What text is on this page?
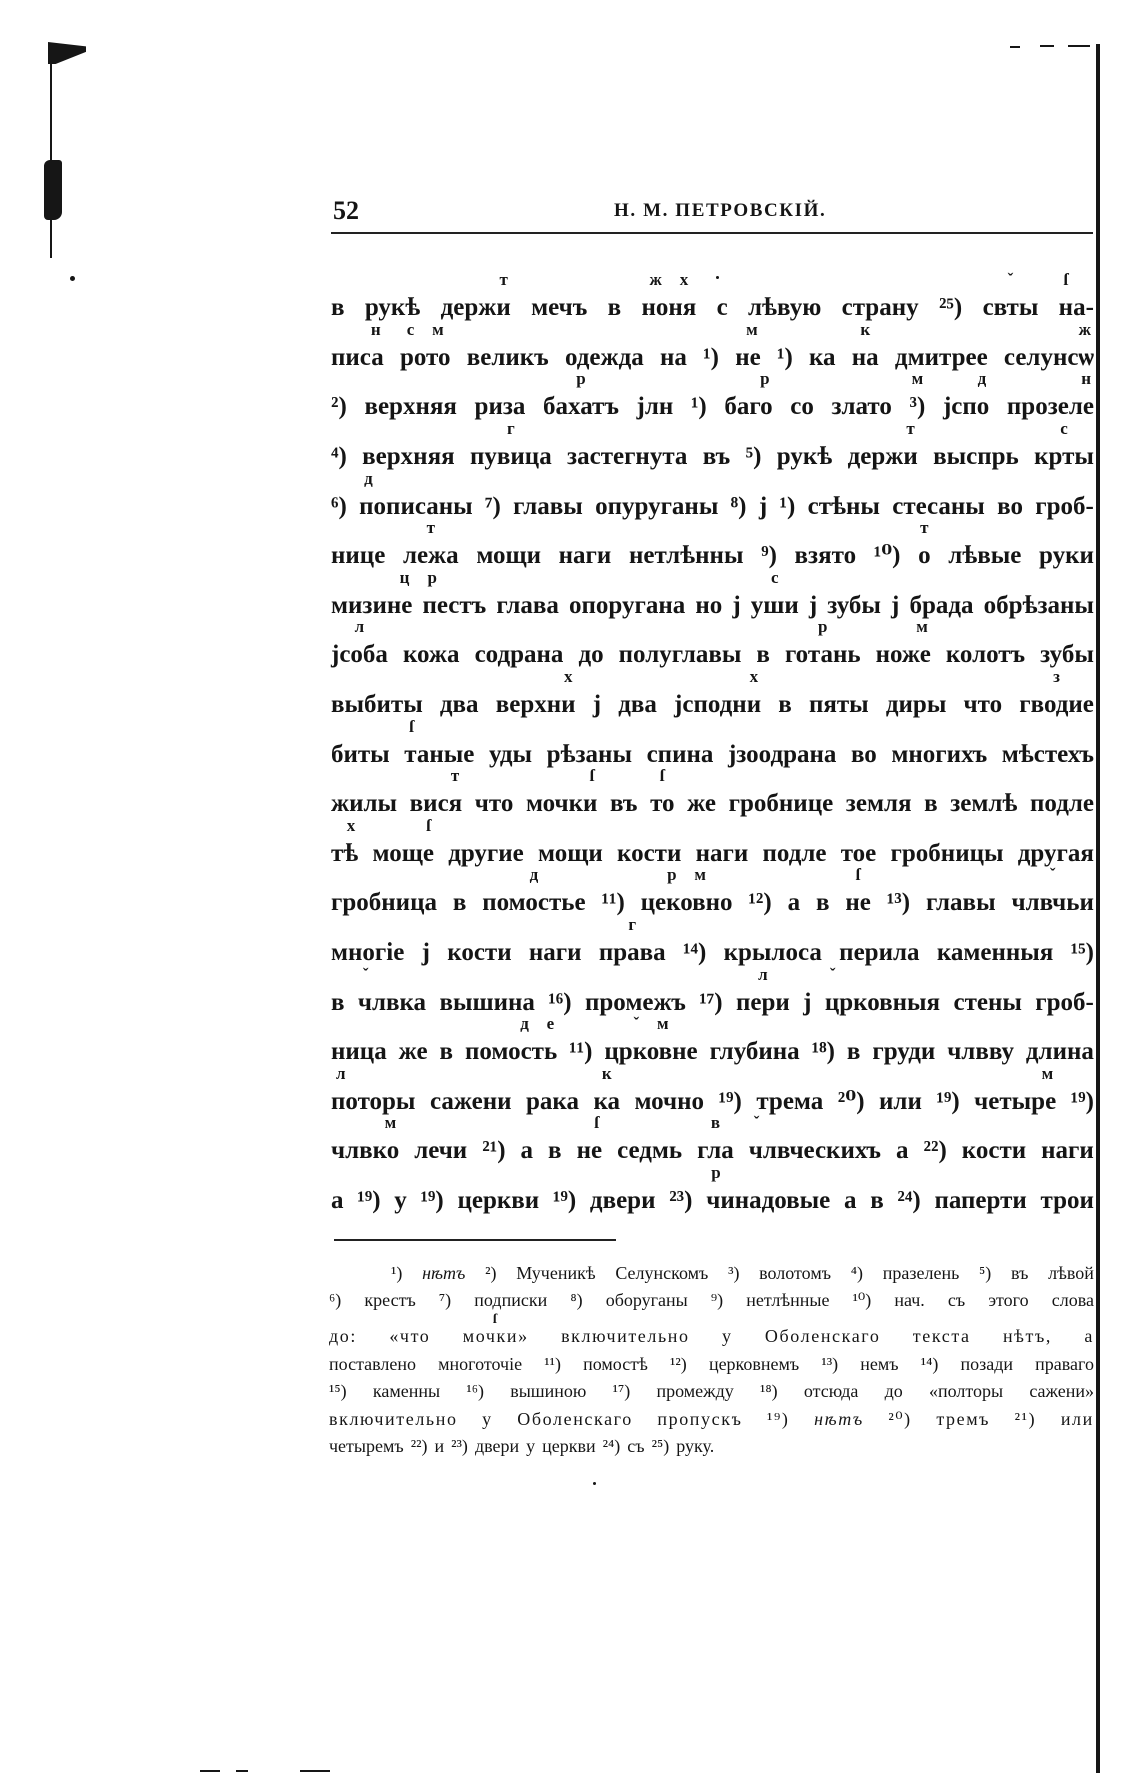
52	Н. М. ПЕТРОВСКІЙ.
в рукѣ держи
т
мечъ в ноня
ж х
с лѣвую страну ²⁵) свты
ˇ
на-
ſ
писа
н
рото
с м
великъ одежда на ¹) не
м
¹) ка на
к
дмитрее селунсѡ
ж
²) верхняя риза бахатъ
р
јлн ¹) баго
р
со злато ³)
м
јспо
д
прозеле
н
⁴) верхняя пувица
г
застегнута въ ⁵) рукѣ держи
т
выспрь крты
с
⁶) пописаны
д
⁷) главы опуруганы ⁸) ј ¹) стѣны стесаны во гроб-
нице лежа
т
мощи наги нетлѣнны ⁹) взято ¹⁰) о
т
лѣвые руки
мизине
ц
пестъ
р
глава опоругана но ј уши
с
ј зубы ј брада обрѣзаны
јсоба
л
кожа содрана до полуглавы в готань
р
ноже
м
колотъ зубы
выбиты два верхни
х
ј два јсподни
х
в пяты диры что гводие
з
биты таные
ſ
уды рѣзаны спина јзоодрана во многихъ мѣстехъ
жилы вися
т
что мочки
ſ
въ то
ſ
же гробнице земля в землѣ подле
тѣ
х
моще
ſ
другие мощи кости наги подле тое гробницы другая
гробница в помостье
д
¹¹) цековно
р м
¹²) а в не
ſ
¹³) главы члвчьи
ˇ
многіе ј кости наги права
г
¹⁴) крылоса перила каменныя ¹⁵)
в члвка
ˇ
вышина ¹⁶) промежъ ¹⁷) пери
л
ј црковныя
ˇ
стены гроб-
ница же в помость
д е
¹¹) црковне
ˇ м
глубина ¹⁸) в груди члвву длина
поторы
л
сажени рака ка
к
мочно ¹⁹) трема ²⁰) или ¹⁹) четыре
м
¹⁹)
члвко
м
лечи ²¹) а в не
ſ
седмь гла
в
члвческихъ
ˇ
а ²²) кости наги
а ¹⁹) у ¹⁹) церкви ¹⁹) двери ²³) чинадовые
р
а в ²⁴) паперти трои
¹) нѣтъ ²) Мученикѣ Селунскомъ ³) волотомъ ⁴) празелень ⁵) въ лѣвой
⁶) крестъ ⁷) подписки ⁸) оборуганы ⁹) нетлѣнные ¹⁰) нач. съ этого слова
до: «что мочки»
ſ
включительно у Оболенскаго текста нѣтъ, а
поставлено многоточіе ¹¹) помостѣ ¹²) церковнемъ ¹³) немъ ¹⁴) позади праваго
¹⁵) каменны ¹⁶) вышиною ¹⁷) промежду ¹⁸) отсюда до «полторы сажени»
включительно у Оболенскаго пропускъ ¹⁹) нѣтъ ²⁰) тремъ ²¹) или
четыремъ ²²) и ²³) двери у церкви ²⁴) съ ²⁵) руку.
